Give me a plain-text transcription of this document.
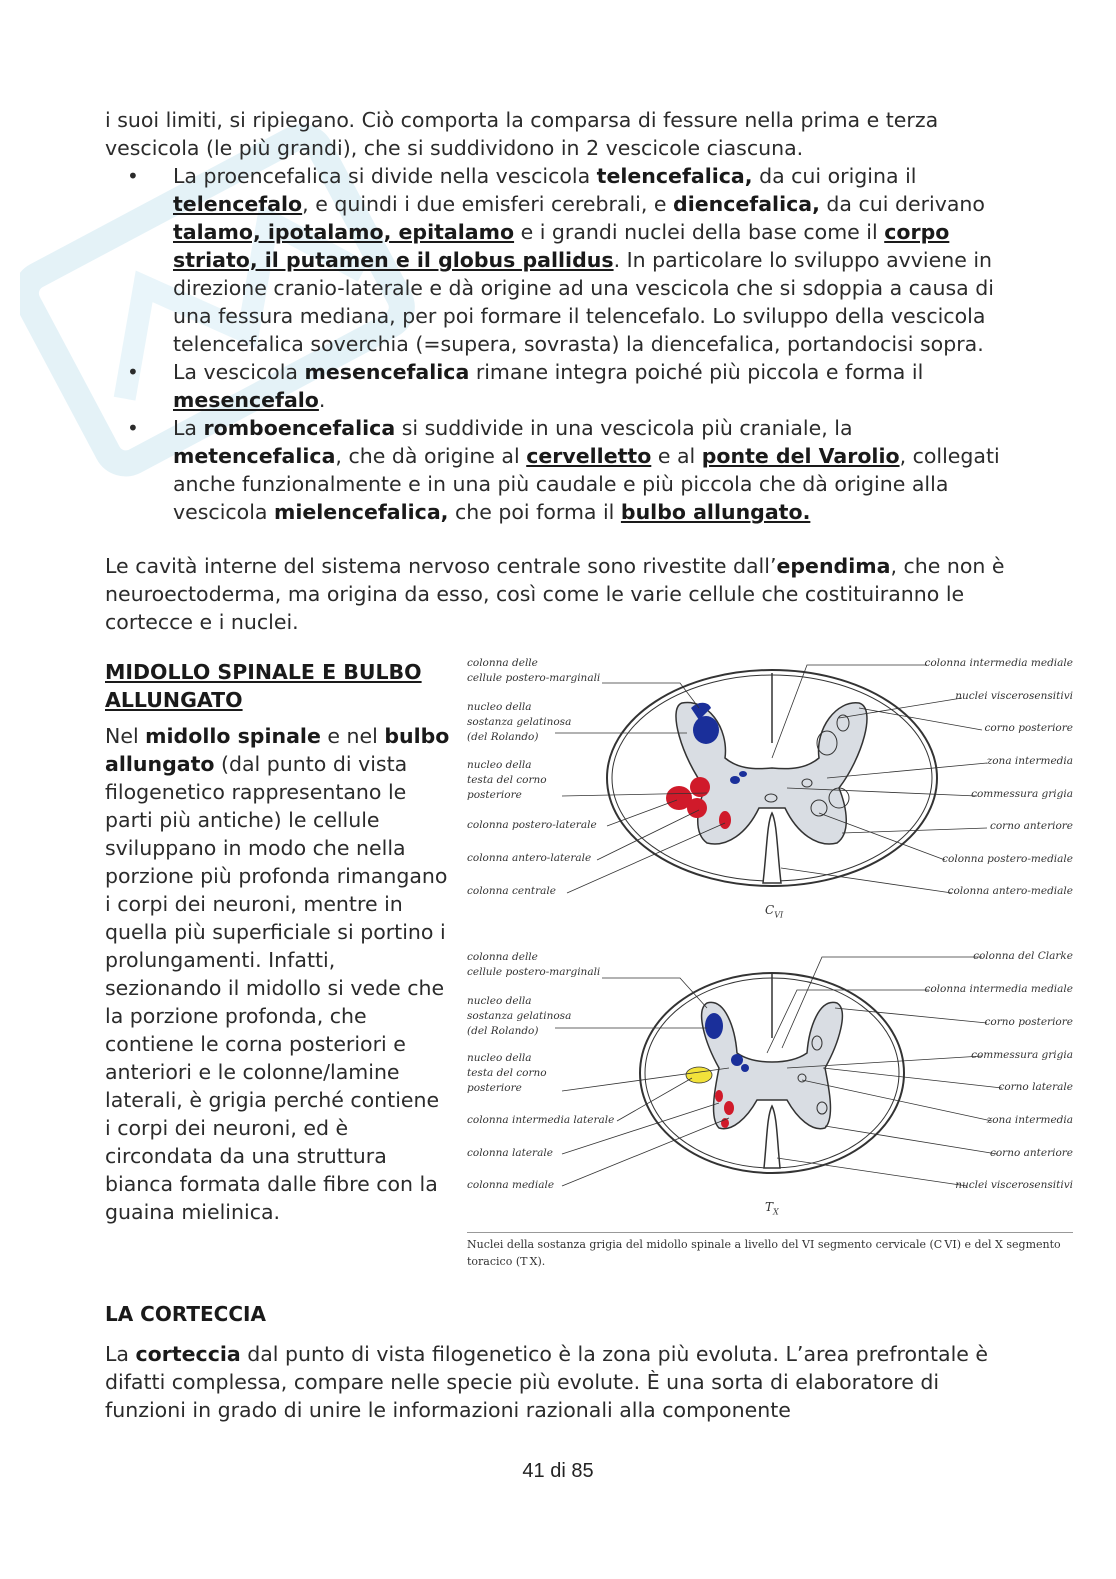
i suoi limiti, si ripiegano. Ciò comporta la comparsa di fessure nella prima e terza vescicola (le più grandi), che si suddividono in 2 vescicole ciascuna.

• La proencefalica si divide nella vescicola telencefalica, da cui origina il telencefalo, e quindi i due emisferi cerebrali, e diencefalica, da cui derivano talamo, ipotalamo, epitalamo e i grandi nuclei della base come il corpo striato, il putamen e il globus pallidus. In particolare lo sviluppo avviene in direzione cranio-laterale e dà origine ad una vescicola che si sdoppia a causa di una fessura mediana, per poi formare il telencefalo. Lo sviluppo della vescicola telencefalica soverchia (=supera, sovrasta) la diencefalica, portandocisi sopra.
• La vescicola mesencefalica rimane integra poiché più piccola e forma il mesencefalo.
• La romboencefalica si suddivide in una vescicola più craniale, la metencefalica, che dà origine al cervelletto e al ponte del Varolio, collegati anche funzionalmente e in una più caudale e più piccola che dà origine alla vescicola mielencefalica, che poi forma il bulbo allungato.

Le cavità interne del sistema nervoso centrale sono rivestite dall’ependima, che non è neuroectoderma, ma origina da esso, così come le varie cellule che costituiranno le cortecce e i nuclei.

MIDOLLO SPINALE E BULBO ALLUNGATO

Nel midollo spinale e nel bulbo allungato (dal punto di vista filogenetico rappresentano le parti più antiche) le cellule sviluppano in modo che nella porzione più profonda rimangano i corpi dei neuroni, mentre in quella più superficiale si portino i prolungamenti. Infatti, sezionando il midollo si vede che la porzione profonda, che contiene le corna posteriori e anteriori e le colonne/lamine laterali, è grigia perché contiene i corpi dei neuroni, ed è circondata da una struttura bianca formata dalle fibre con la guaina mielinica.

colonna delle
cellule postero-marginali
nucleo della
sostanza gelatinosa
(del Rolando)
nucleo della
testa del corno
posteriore
colonna postero-laterale
colonna antero-laterale
colonna centrale
colonna intermedia mediale
nuclei viscerosensitivi
corno posteriore
zona intermedia
commessura grigia
corno anteriore
colonna postero-mediale
colonna antero-mediale
$C_{VI}$
colonna delle
cellule postero-marginali
nucleo della
sostanza gelatinosa
(del Rolando)
nucleo della
testa del corno
posteriore
colonna intermedia laterale
colonna laterale
colonna mediale
colonna del Clarke
colonna intermedia mediale
corno posteriore
commessura grigia
corno laterale
zona intermedia
corno anteriore
nuclei viscerosensitivi
$T_X$
Nuclei della sostanza grigia del midollo spinale a livello del VI segmento cervicale (C VI) e del X segmento toracico (T X).

LA CORTECCIA

La corteccia dal punto di vista filogenetico è la zona più evoluta. L’area prefrontale è difatti complessa, compare nelle specie più evolute. È una sorta di elaboratore di funzioni in grado di unire le informazioni razionali alla componente

41 di 85
